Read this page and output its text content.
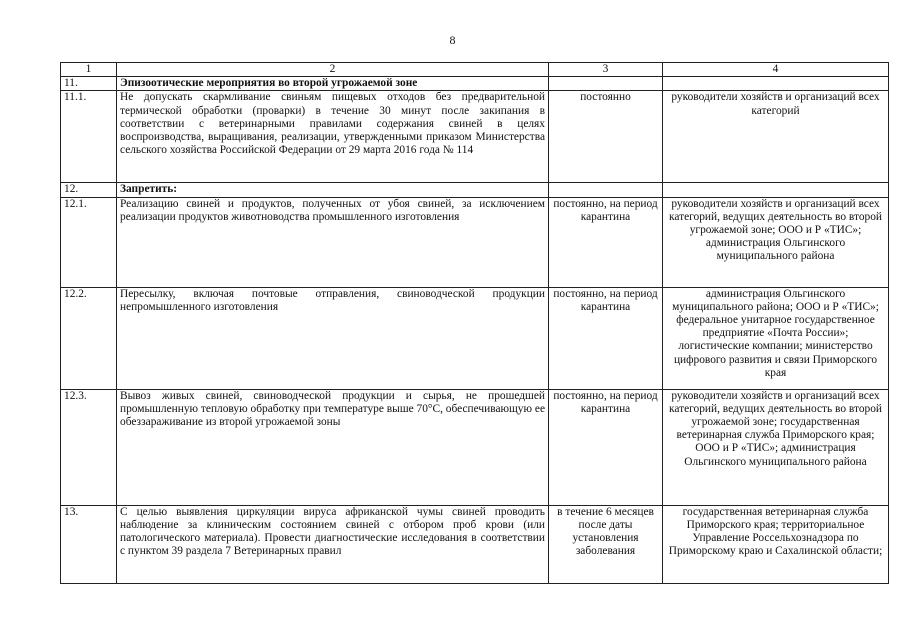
8
1	2	3	4
11.	Эпизоотические мероприятия во второй угрожаемой зоне		
11.1.	Не допускать скармливание свиньям пищевых отходов без предварительной термической обработки (проварки) в течение 30 минут после закипания в соответствии с ветеринарными правилами содержания свиней в целях воспроизводства, выращивания, реализации, утвержденными приказом Министерства сельского хозяйства Российской Федерации от 29 марта 2016 года № 114	постоянно	руководители хозяйств и организаций всех категорий
12.	Запретить:		
12.1.	Реализацию свиней и продуктов, полученных от убоя свиней, за исключением реализации продуктов животноводства промышленного изготовления	постоянно, на период карантина	руководители хозяйств и организаций всех категорий, ведущих деятельность во второй угрожаемой зоне; ООО и Р «ТИС»; администрация Ольгинского муниципального района
12.2.	Пересылку, включая почтовые отправления, свиноводческой продукции непромышленного изготовления	постоянно, на период карантина	администрация Ольгинского муниципального района; ООО и Р «ТИС»; федеральное унитарное государственное предприятие «Почта России»; логистические компании; министерство цифрового развития и связи Приморского края
12.3.	Вывоз живых свиней, свиноводческой продукции и сырья, не прошедшей промышленную тепловую обработку при температуре выше 70°С, обеспечивающую ее обеззараживание из второй угрожаемой зоны	постоянно, на период карантина	руководители хозяйств и организаций всех категорий, ведущих деятельность во второй угрожаемой зоне; государственная ветеринарная служба Приморского края; ООО и Р «ТИС»; администрация Ольгинского муниципального района
13.	С целью выявления циркуляции вируса африканской чумы свиней проводить наблюдение за клиническим состоянием свиней с отбором проб крови (или патологического материала). Провести диагностические исследования в соответствии с пунктом 39 раздела 7 Ветеринарных правил	в течение 6 месяцев после даты установления заболевания	государственная ветеринарная служба Приморского края; территориальное Управление Россельхознадзора по Приморскому краю и Сахалинской области;
